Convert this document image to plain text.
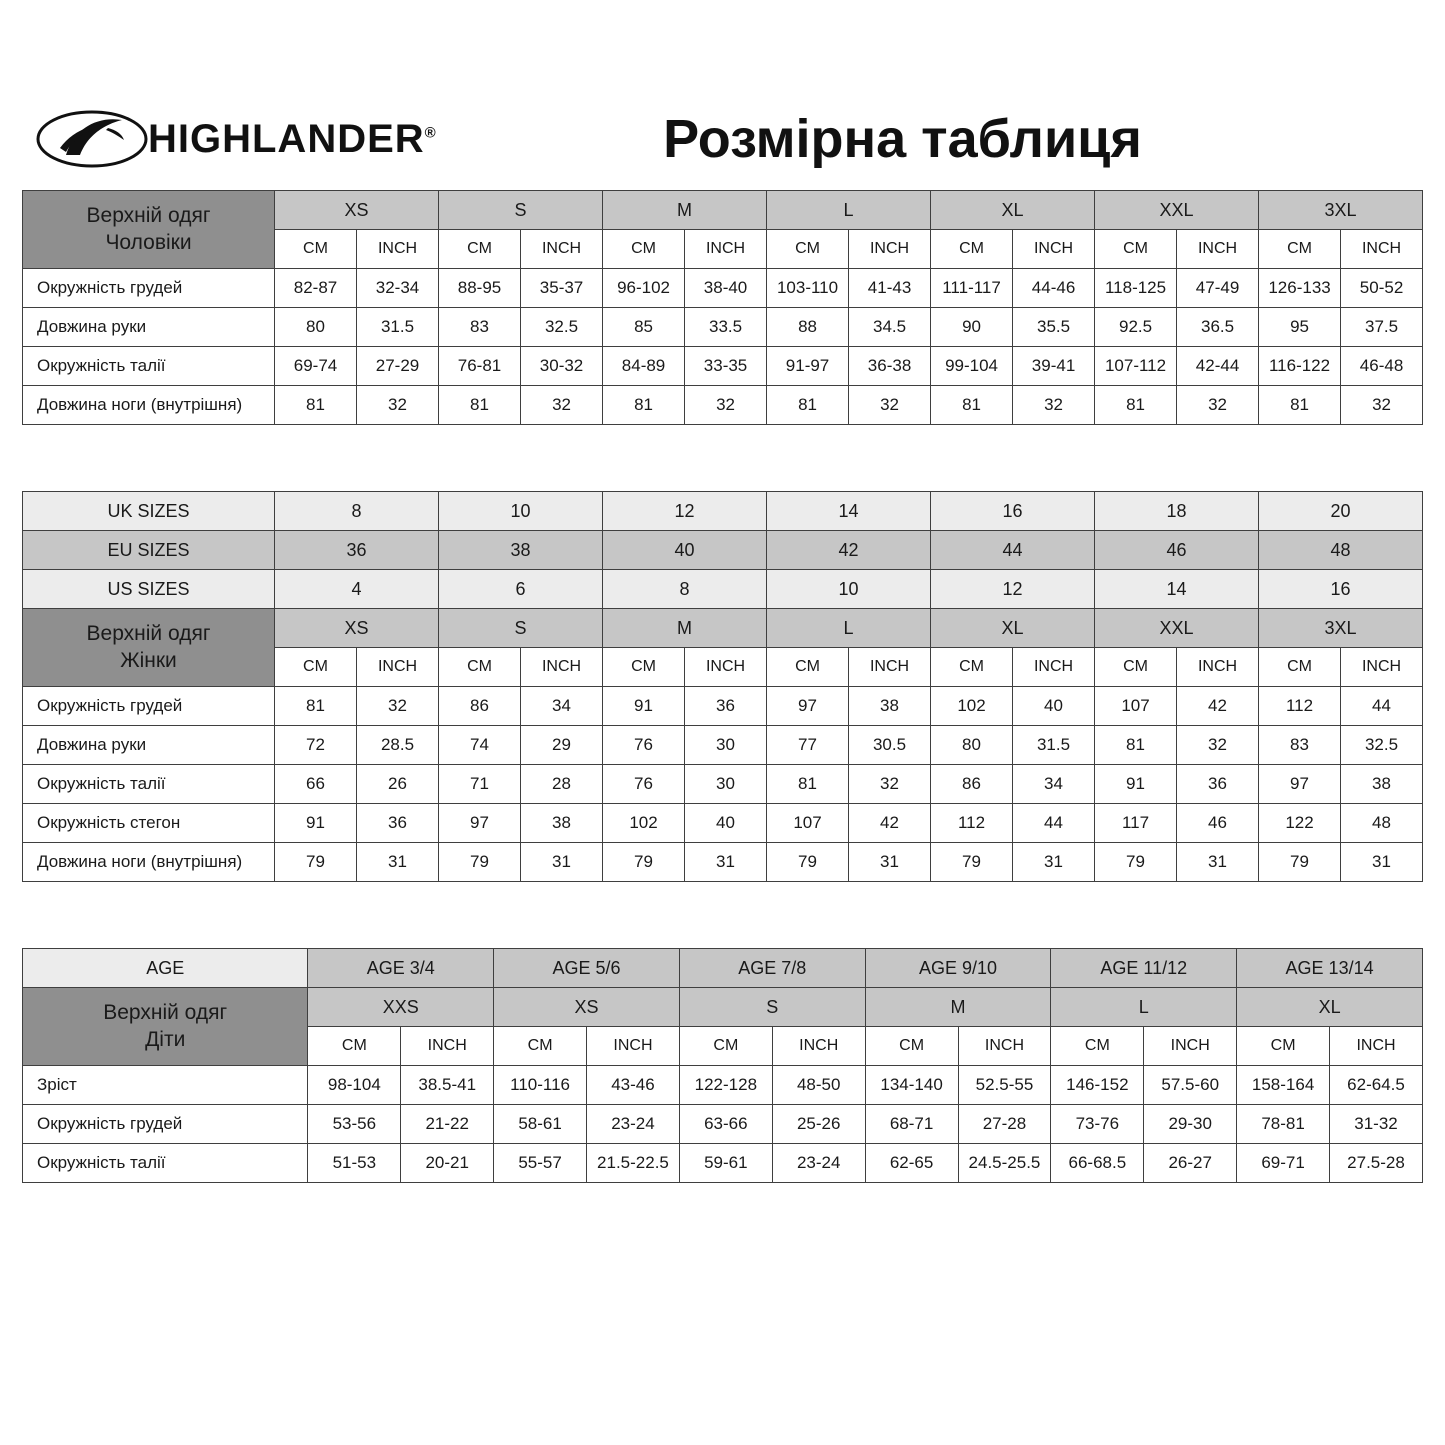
HIGHLANDER®	Розмірна таблиця
Верхній одяг
Чоловіки	XS		S		M		L		XL		XXL		3XL	
	CM	INCH	CM	INCH	CM	INCH	CM	INCH	CM	INCH	CM	INCH	CM	INCH
Окружність грудей	82-87	32-34	88-95	35-37	96-102	38-40	103-110	41-43	111-117	44-46	118-125	47-49	126-133	50-52
Довжина руки	80	31.5	83	32.5	85	33.5	88	34.5	90	35.5	92.5	36.5	95	37.5
Окружність талії	69-74	27-29	76-81	30-32	84-89	33-35	91-97	36-38	99-104	39-41	107-112	42-44	116-122	46-48
Довжина ноги (внутрішня)	81	32	81	32	81	32	81	32	81	32	81	32	81	32
UK SIZES	8		10		12		14		16		18		20	
EU SIZES	36		38		40		42		44		46		48	
US SIZES	4		6		8		10		12		14		16	

Верхній одяг
Жінки	XS		S		M		L		XL		XXL		3XL	
	CM	INCH	CM	INCH	CM	INCH	CM	INCH	CM	INCH	CM	INCH	CM	INCH
Окружність грудей	81	32	86	34	91	36	97	38	102	40	107	42	112	44
Довжина руки	72	28.5	74	29	76	30	77	30.5	80	31.5	81	32	83	32.5
Окружність талії	66	26	71	28	76	30	81	32	86	34	91	36	97	38
Окружність стегон	91	36	97	38	102	40	107	42	112	44	117	46	122	48
Довжина ноги (внутрішня)	79	31	79	31	79	31	79	31	79	31	79	31	79	31
AGE	AGE 3/4		AGE 5/6		AGE 7/8		AGE 9/10		AGE 11/12		AGE 13/14	

Верхній одяг
Діти	XXS		XS		S		M		L		XL	
	CM	INCH	CM	INCH	CM	INCH	CM	INCH	CM	INCH	CM	INCH
Зріст	98-104	38.5-41	110-116	43-46	122-128	48-50	134-140	52.5-55	146-152	57.5-60	158-164	62-64.5
Окружність грудей	53-56	21-22	58-61	23-24	63-66	25-26	68-71	27-28	73-76	29-30	78-81	31-32
Окружність талії	51-53	20-21	55-57	21.5-22.5	59-61	23-24	62-65	24.5-25.5	66-68.5	26-27	69-71	27.5-28
